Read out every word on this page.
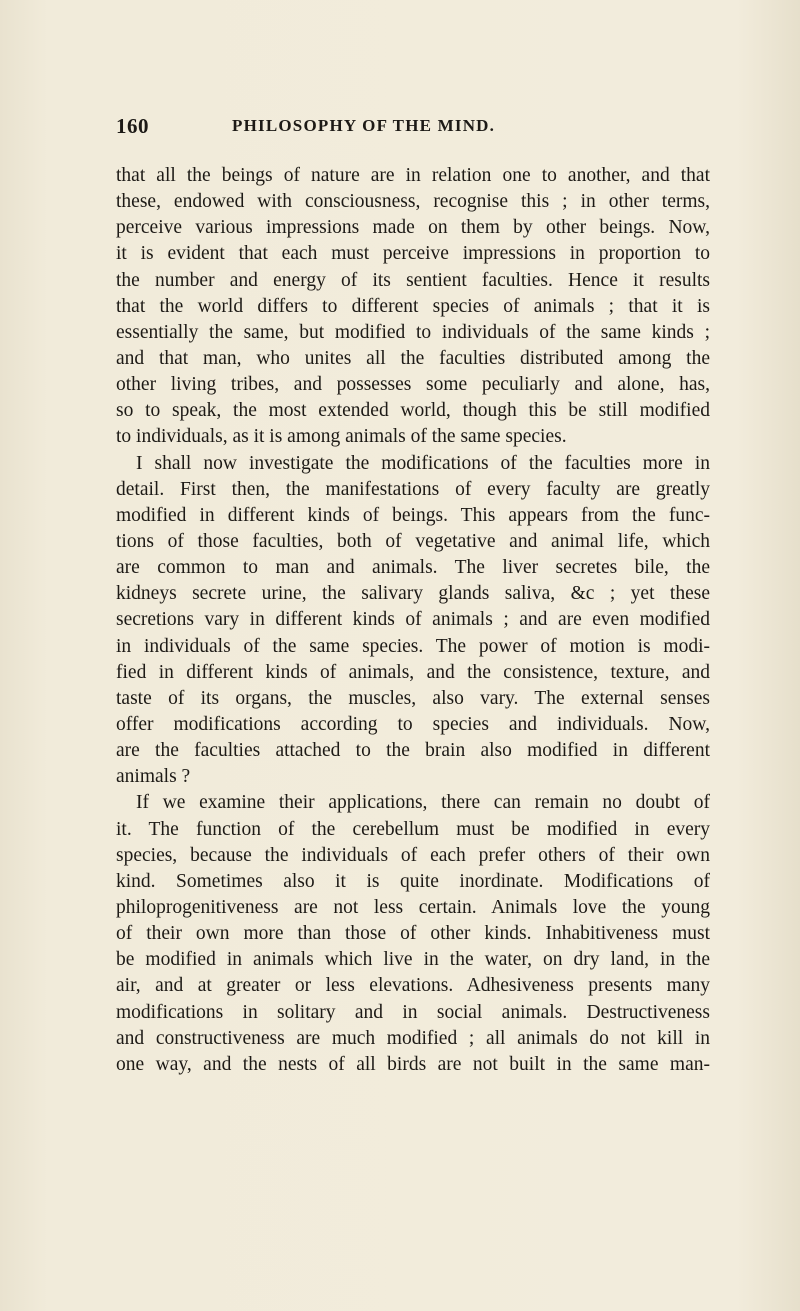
160	PHILOSOPHY OF THE MIND.
that all the beings of nature are in relation one to another, and that
these, endowed with consciousness, recognise this ; in other terms,
perceive various impressions made on them by other beings. Now,
it is evident that each must perceive impressions in proportion to
the number and energy of its sentient faculties. Hence it results
that the world differs to different species of animals ; that it is
essentially the same, but modified to individuals of the same kinds ;
and that man, who unites all the faculties distributed among the
other living tribes, and possesses some peculiarly and alone, has,
so to speak, the most extended world, though this be still modified
to individuals, as it is among animals of the same species.
I shall now investigate the modifications of the faculties more in
detail. First then, the manifestations of every faculty are greatly
modified in different kinds of beings. This appears from the func-
tions of those faculties, both of vegetative and animal life, which
are common to man and animals. The liver secretes bile, the
kidneys secrete urine, the salivary glands saliva, &c ; yet these
secretions vary in different kinds of animals ; and are even modified
in individuals of the same species. The power of motion is modi-
fied in different kinds of animals, and the consistence, texture, and
taste of its organs, the muscles, also vary. The external senses
offer modifications according to species and individuals. Now,
are the faculties attached to the brain also modified in different
animals ?
If we examine their applications, there can remain no doubt of
it. The function of the cerebellum must be modified in every
species, because the individuals of each prefer others of their own
kind. Sometimes also it is quite inordinate. Modifications of
philoprogenitiveness are not less certain. Animals love the young
of their own more than those of other kinds. Inhabitiveness must
be modified in animals which live in the water, on dry land, in the
air, and at greater or less elevations. Adhesiveness presents many
modifications in solitary and in social animals. Destructiveness
and constructiveness are much modified ; all animals do not kill in
one way, and the nests of all birds are not built in the same man-
